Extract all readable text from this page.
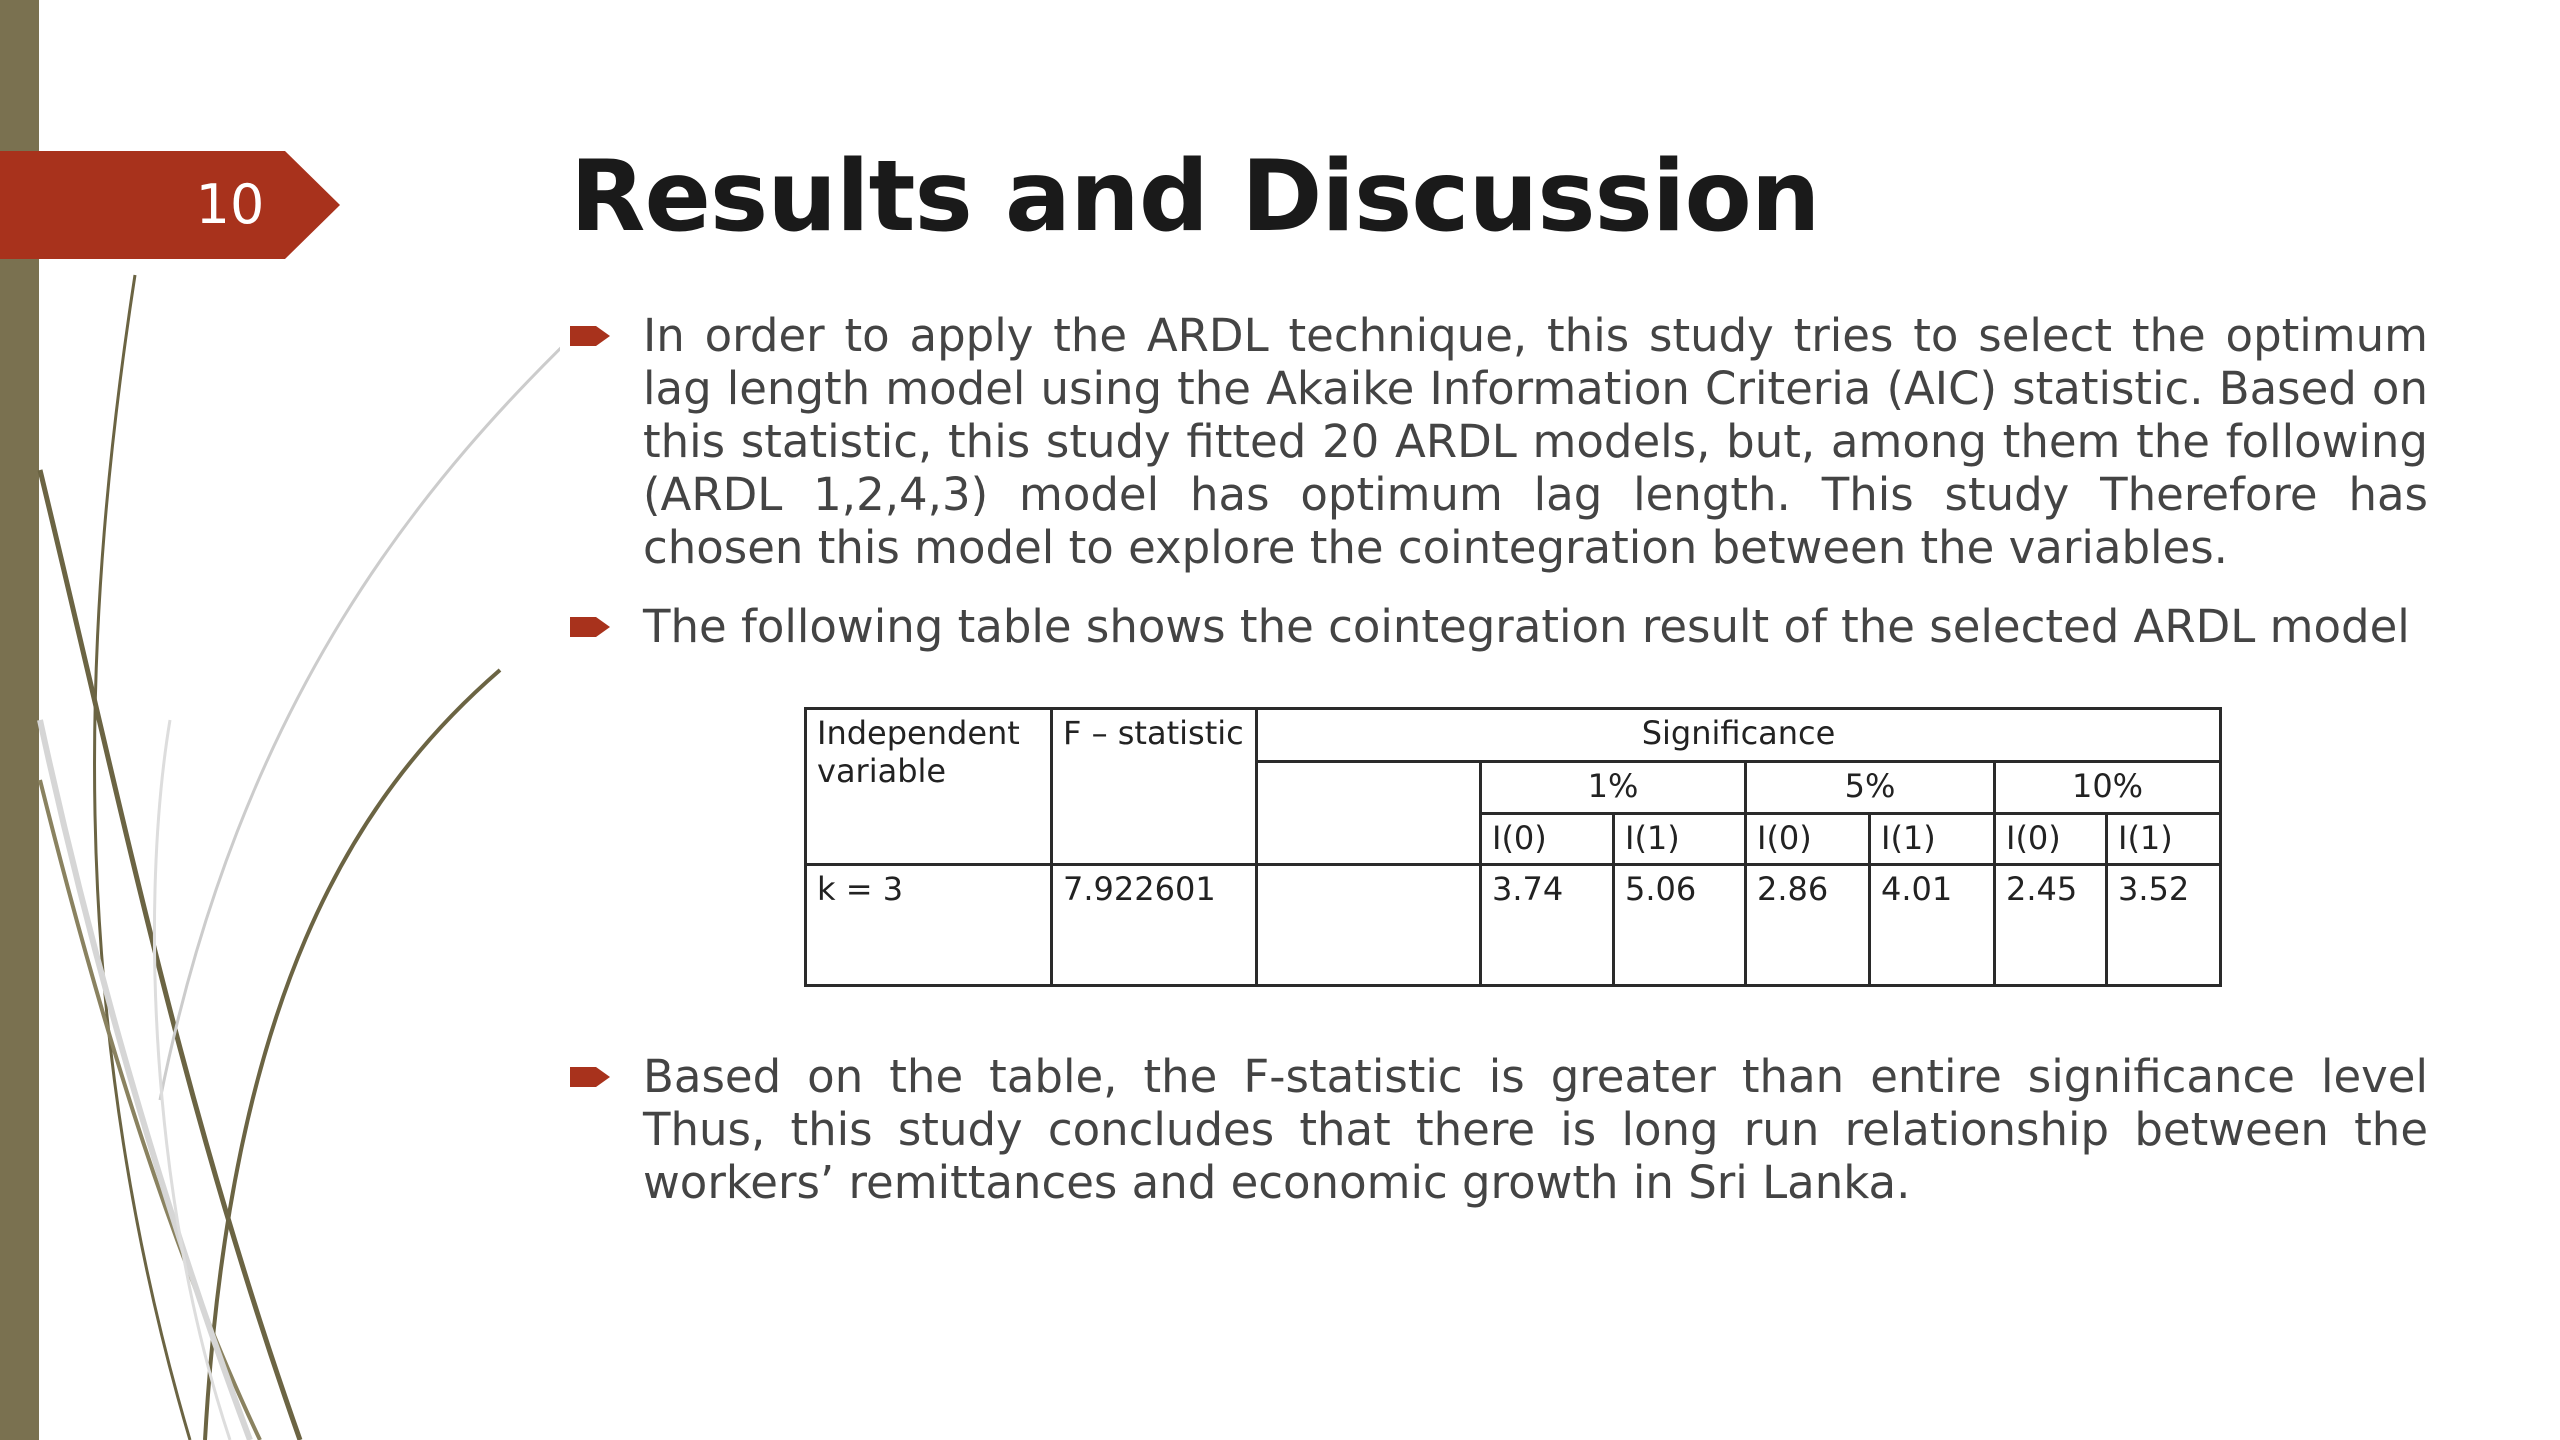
10	Results and Discussion
In order to apply the ARDL technique, this study tries to select the optimum lag length model using the Akaike Information Criteria (AIC) statistic. Based on this statistic, this study fitted 20 ARDL models, but, among them the following (ARDL 1,2,4,3) model has optimum lag length. This study Therefore has chosen this model to explore the cointegration between the variables.
The following table shows the cointegration result of the selected ARDL model
Independent
variable	F – statistic	Significance						
			1%		5%		10%	
			I(0)	I(1)	I(0)	I(1)	I(0)	I(1)
k = 3	7.922601		3.74	5.06	2.86	4.01	2.45	3.52
Based on the table, the F-statistic is greater than entire significance level Thus, this study concludes that there is long run relationship between the workers’ remittances and economic growth in Sri Lanka.
